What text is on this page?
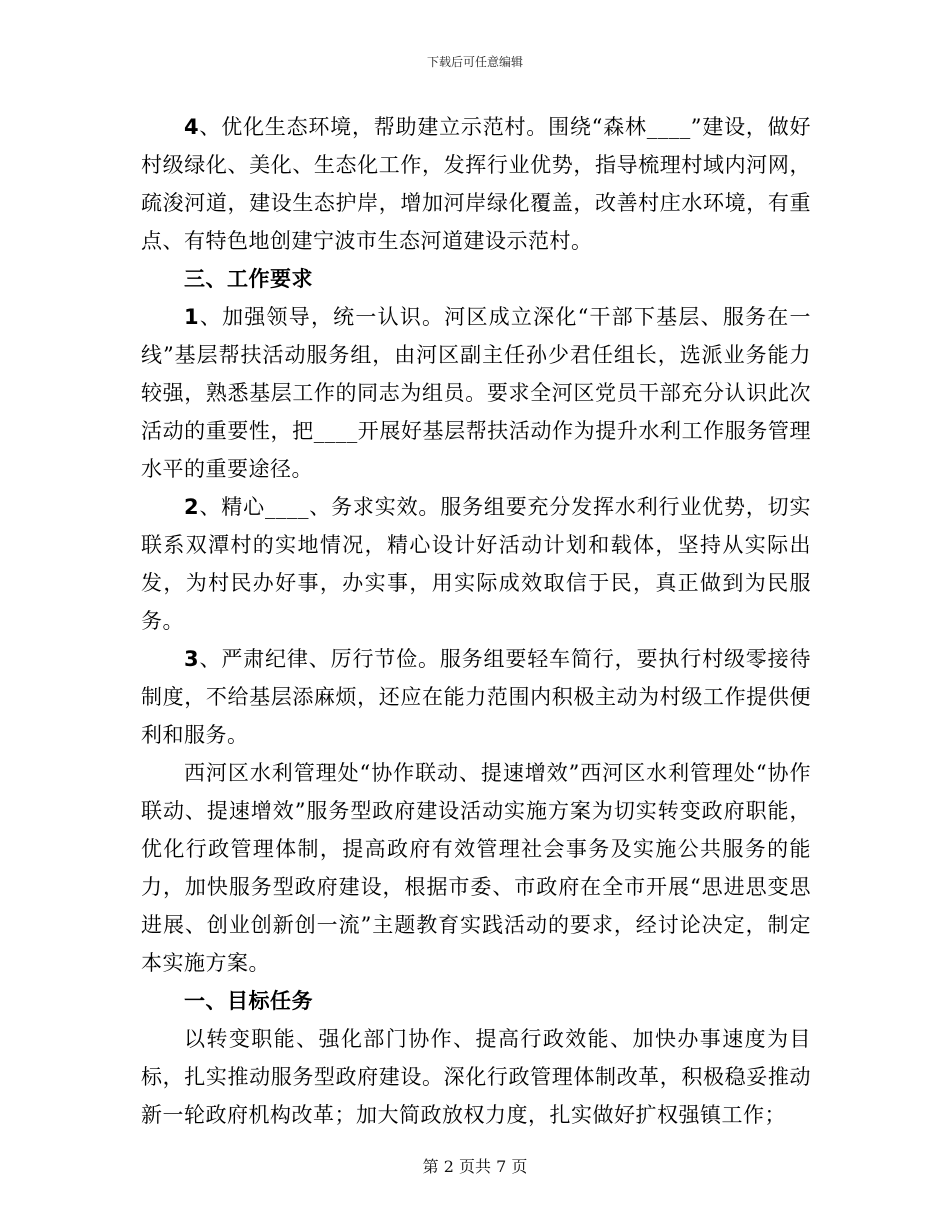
下载后可任意编辑

4、优化生态环境，帮助建立示范村。围绕“森林____”建设，做好村级绿化、美化、生态化工作，发挥行业优势，指导梳理村域内河网，疏浚河道，建设生态护岸，增加河岸绿化覆盖，改善村庄水环境，有重点、有特色地创建宁波市生态河道建设示范村。

三、工作要求

1、加强领导，统一认识。河区成立深化“干部下基层、服务在一线”基层帮扶活动服务组，由河区副主任孙少君任组长，选派业务能力较强，熟悉基层工作的同志为组员。要求全河区党员干部充分认识此次活动的重要性，把____开展好基层帮扶活动作为提升水利工作服务管理水平的重要途径。

2、精心____、务求实效。服务组要充分发挥水利行业优势，切实联系双潭村的实地情况，精心设计好活动计划和载体，坚持从实际出发，为村民办好事，办实事，用实际成效取信于民，真正做到为民服务。

3、严肃纪律、厉行节俭。服务组要轻车简行，要执行村级零接待制度，不给基层添麻烦，还应在能力范围内积极主动为村级工作提供便利和服务。

西河区水利管理处“协作联动、提速增效”西河区水利管理处“协作联动、提速增效”服务型政府建设活动实施方案为切实转变政府职能，优化行政管理体制，提高政府有效管理社会事务及实施公共服务的能力，加快服务型政府建设，根据市委、市政府在全市开展“思进思变思进展、创业创新创一流”主题教育实践活动的要求，经讨论决定，制定本实施方案。

一、目标任务

以转变职能、强化部门协作、提高行政效能、加快办事速度为目标，扎实推动服务型政府建设。深化行政管理体制改革，积极稳妥推动新一轮政府机构改革；加大简政放权力度，扎实做好扩权强镇工作；

第 2 页共 7 页
